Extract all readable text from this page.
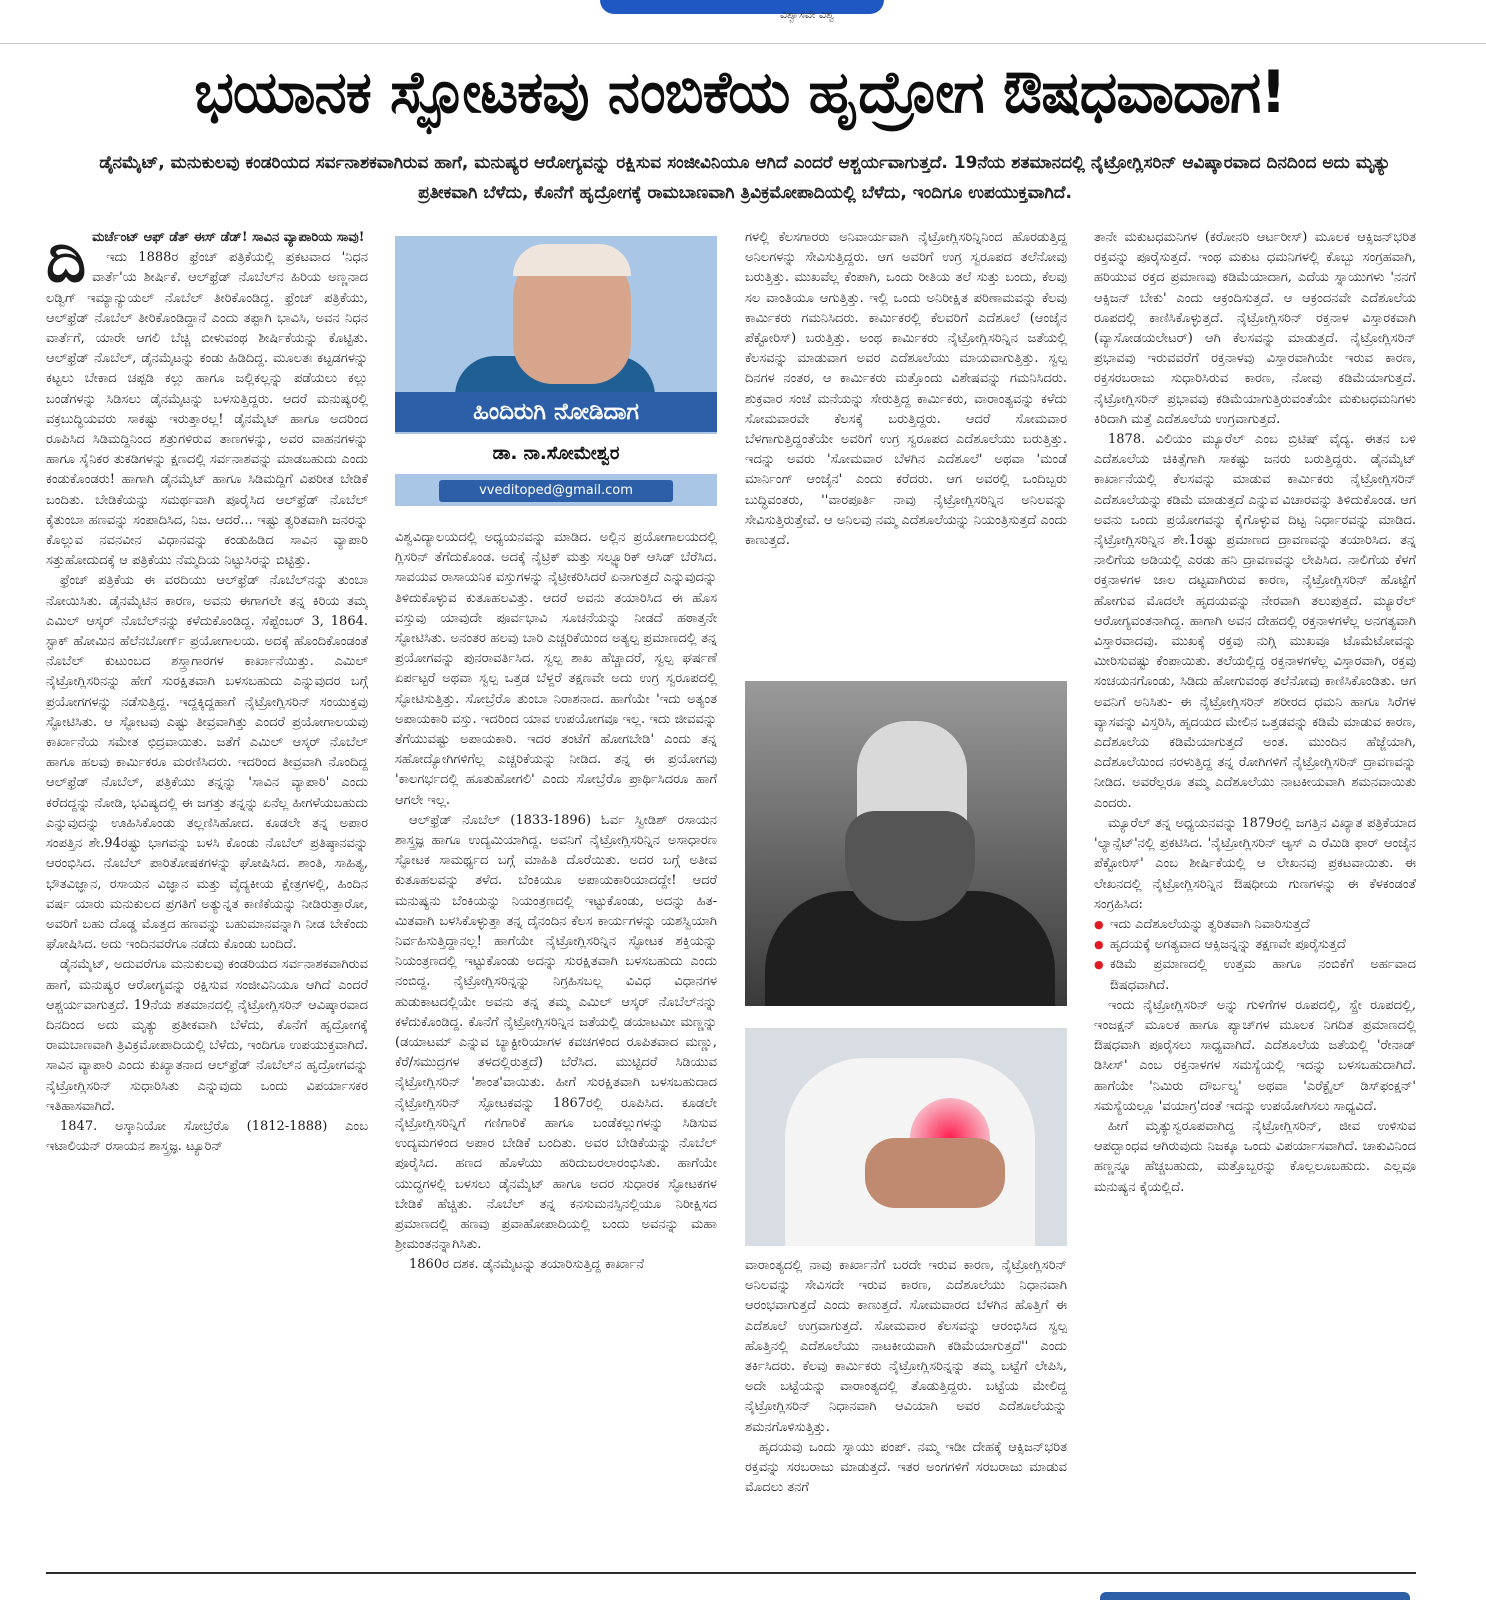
ವಿಶ್ವಾಸವೇ ವಿಶ್ವ
ಭಯಾನಕ ಸ್ಫೋಟಕವು ನಂಬಿಕೆಯ ಹೃದ್ರೋಗ ಔಷಧವಾದಾಗ!
ಡೈನಮೈಟ್, ಮನುಕುಲವು ಕಂಡರಿಯದ ಸರ್ವನಾಶಕವಾಗಿರುವ ಹಾಗೆ, ಮನುಷ್ಯರ ಆರೋಗ್ಯವನ್ನು ರಕ್ಷಿಸುವ ಸಂಜೀವಿನಿಯೂ ಆಗಿದೆ ಎಂದರೆ ಆಶ್ಚರ್ಯವಾಗುತ್ತದೆ. 19ನೆಯ ಶತಮಾನದಲ್ಲಿ ನೈಟ್ರೋಗ್ಲಿಸರಿನ್ ಆವಿಷ್ಕಾರವಾದ ದಿನದಿಂದ ಅದು ಮೃತ್ಯು ಪ್ರತೀಕವಾಗಿ ಬೆಳೆದು, ಕೊನೆಗೆ ಹೃದ್ರೋಗಕ್ಕೆ ರಾಮಬಾಣವಾಗಿ ತ್ರಿವಿಕ್ರಮೋಪಾದಿಯಲ್ಲಿ ಬೆಳೆದು, ಇಂದಿಗೂ ಉಪಯುಕ್ತವಾಗಿದೆ.

ದಿ ಮರ್ಚೆಂಟ್ ಆಫ್ ಡೆತ್ ಈಸ್ ಡೆಡ್! ಸಾವಿನ ವ್ಯಾಪಾರಿಯ ಸಾವು!

ಇದು 1888ರ ಫ್ರೆಂಚ್ ಪತ್ರಿಕೆಯಲ್ಲಿ ಪ್ರಕಟವಾದ 'ನಿಧನ ವಾರ್ತೆ'ಯ ಶೀರ್ಷಿಕೆ. ಆಲ್‌ಫ್ರೆಡ್ ನೊಬೆಲ್‌ನ ಹಿರಿಯ ಅಣ್ಣನಾದ ಲಡ್ವಿಗ್ ಇಮ್ಯಾನ್ಯುಯಲ್ ನೊಬೆಲ್ ತೀರಿಕೊಂಡಿದ್ದ. ಫ್ರೆಂಚ್ ಪತ್ರಿಕೆಯು, ಆಲ್‌ಫ್ರೆಡ್ ನೊಬೆಲ್ ತೀರಿಕೊಂಡಿದ್ದಾನೆ ಎಂದು ತಪ್ಪಾಗಿ ಭಾವಿಸಿ, ಅವನ ನಿಧನ ವಾರ್ತೆಗೆ, ಯಾರೇ ಆಗಲಿ ಬೆಚ್ಚಿ ಬೀಳುವಂಥ ಶೀರ್ಷಿಕೆಯನ್ನು ಕೊಟ್ಟಿತು. ಆಲ್‌ಫ್ರೆಡ್ ನೊಬೆಲ್, ಡೈನಮೈಟನ್ನು ಕಂಡು ಹಿಡಿದಿದ್ದ. ಮೂಲತಃ ಕಟ್ಟಡಗಳನ್ನು ಕಟ್ಟಲು ಬೇಕಾದ ಚಪ್ಪಡಿ ಕಲ್ಲು ಹಾಗೂ ಜಲ್ಲಿಕಲ್ಲನ್ನು ಪಡೆಯಲು ಕಲ್ಲು ಬಂಡೆಗಳನ್ನು ಸಿಡಿಸಲು ಡೈನಮೈಟನ್ನು ಬಳಸುತ್ತಿದ್ದರು. ಆದರೆ ಮನುಷ್ಯರಲ್ಲಿ ವಕ್ರಬುದ್ಧಿಯವರು ಸಾಕಷ್ಟು ಇರುತ್ತಾರಲ್ಲ! ಡೈನಮೈಟ್ ಹಾಗೂ ಅದರಿಂದ ರೂಪಿಸಿದ ಸಿಡಿಮದ್ದಿನಿಂದ ಶತ್ರುಗಳಿರುವ ತಾಣಗಳನ್ನು, ಅವರ ವಾಹನಗಳನ್ನು ಹಾಗೂ ಸೈನಿಕರ ತುಕಡಿಗಳನ್ನು ಕ್ಷಣದಲ್ಲಿ ಸರ್ವನಾಶವನ್ನು ಮಾಡಬಹುದು ಎಂದು ಕಂಡುಕೊಂಡರು! ಹಾಗಾಗಿ ಡೈನಮೈಟ್ ಹಾಗೂ ಸಿಡಿಮದ್ದಿಗೆ ವಿಪರೀತ ಬೇಡಿಕೆ ಬಂದಿತು. ಬೇಡಿಕೆಯನ್ನು ಸಮರ್ಥವಾಗಿ ಪೂರೈಸಿದ ಆಲ್‌ಫ್ರೆಡ್ ನೊಬೆಲ್ ಕೈತುಂಬಾ ಹಣವನ್ನು ಸಂಪಾದಿಸಿದ, ನಿಜ. ಆದರೆ... ಇಷ್ಟು ತ್ವರಿತವಾಗಿ ಜನರನ್ನು ಕೊಲ್ಲುವ ನವನವೀನ ವಿಧಾನವನ್ನು ಕಂಡುಹಿಡಿದ ಸಾವಿನ ವ್ಯಾಪಾರಿ ಸತ್ತುಹೋದುದಕ್ಕೆ ಆ ಪತ್ರಿಕೆಯು ನೆಮ್ಮದಿಯ ನಿಟ್ಟುಸಿರನ್ನು ಬಿಟ್ಟಿತ್ತು.

ಫ್ರೆಂಚ್ ಪತ್ರಿಕೆಯ ಈ ವರದಿಯು ಆಲ್‌ಫ್ರೆಡ್ ನೊಬೆಲ್‌ನನ್ನು ತುಂಬಾ ನೋಯಿಸಿತು. ಡೈನಮೈಟಿನ ಕಾರಣ, ಅವನು ಈಗಾಗಲೇ ತನ್ನ ಕಿರಿಯ ತಮ್ಮ ಎಮಿಲ್ ಆಸ್ಕರ್ ನೊಬೆಲ್‌ನನ್ನು ಕಳೆದುಕೊಂಡಿದ್ದ. ಸೆಪ್ಟೆಂಬರ್ 3, 1864. ಸ್ಟಾಕ್ ಹೋಮಿನ ಹೆಲೆನಬೋರ್ಗ್ ಪ್ರಯೋಗಾಲಯ. ಅದಕ್ಕೆ ಹೊಂದಿಕೊಂಡಂತೆ ನೊಬೆಲ್ ಕುಟುಂಬದ ಶಸ್ತ್ರಾಗಾರಗಳ ಕಾರ್ಖಾನೆಯಿತ್ತು. ಎಮಿಲ್ ನೈಟ್ರೋಗ್ಲಿಸರಿನನ್ನು ಹೇಗೆ ಸುರಕ್ಷಿತವಾಗಿ ಬಳಸಬಹುದು ಎನ್ನುವುದರ ಬಗ್ಗೆ ಪ್ರಯೋಗಗಳನ್ನು ನಡೆಸುತ್ತಿದ್ದ. ಇದ್ದಕ್ಕಿದ್ದಹಾಗೆ ನೈಟ್ರೋಗ್ಲಿಸರಿನ್ ಸಂಯುಕ್ತವು ಸ್ಫೋಟಿಸಿತು. ಆ ಸ್ಫೋಟವು ಎಷ್ಟು ತೀವ್ರವಾಗಿತ್ತು ಎಂದರೆ ಪ್ರಯೋಗಾಲಯವು ಕಾರ್ಖಾನೆಯ ಸಮೇತ ಛಿದ್ರವಾಯಿತು. ಜತೆಗೆ ಎಮಿಲ್ ಆಸ್ಕರ್ ನೊಬೆಲ್ ಹಾಗೂ ಹಲವು ಕಾರ್ಮಿಕರೂ ಮರಣಿಸಿದರು. ಇದರಿಂದ ತೀವ್ರವಾಗಿ ನೊಂದಿದ್ದ ಆಲ್‌ಫ್ರೆಡ್ ನೊಬೆಲ್, ಪತ್ರಿಕೆಯು ತನ್ನನ್ನು 'ಸಾವಿನ ವ್ಯಾಪಾರಿ' ಎಂದು ಕರೆದದ್ದನ್ನು ನೋಡಿ, ಭವಿಷ್ಯದಲ್ಲಿ ಈ ಜಗತ್ತು ತನ್ನನ್ನು ಏನೆಲ್ಲ ಹೀಗಳೆಯಬಹುದು ಎನ್ನುವುದನ್ನು ಊಹಿಸಿಕೊಂಡು ತಲ್ಲಣಿಸಿಹೋದ. ಕೂಡಲೇ ತನ್ನ ಅಪಾರ ಸಂಪತ್ತಿನ ಶೇ.94ರಷ್ಟು ಭಾಗವನ್ನು ಬಳಸಿ ಕೊಂಡು ನೊಬೆಲ್ ಪ್ರತಿಷ್ಠಾನವನ್ನು ಆರಂಭಿಸಿದ. ನೊಬೆಲ್ ಪಾರಿತೋಷಕಗಳನ್ನು ಘೋಷಿಸಿದ. ಶಾಂತಿ, ಸಾಹಿತ್ಯ, ಭೌತವಿಜ್ಞಾನ, ರಸಾಯನ ವಿಜ್ಞಾನ ಮತ್ತು ವೈದ್ಯಕೀಯ ಕ್ಷೇತ್ರಗಳಲ್ಲಿ, ಹಿಂದಿನ ವರ್ಷ ಯಾರು ಮನುಕುಲದ ಪ್ರಗತಿಗೆ ಅತ್ಯುನ್ನತ ಕಾಣಿಕೆಯನ್ನು ನೀಡಿರುತ್ತಾರೋ, ಅವರಿಗೆ ಬಹು ದೊಡ್ಡ ಮೊತ್ತದ ಹಣವನ್ನು ಬಹುಮಾನವನ್ನಾಗಿ ನೀಡ ಬೇಕೆಂದು ಘೋಷಿಸಿದ. ಅದು ಇಂದಿನವರೆಗೂ ನಡೆದು ಕೊಂಡು ಬಂದಿದೆ.

ಡೈನಮೈಟ್, ಅದುವರೆಗೂ ಮನುಕುಲವು ಕಂಡರಿಯದ ಸರ್ವನಾಶಕವಾಗಿರುವ ಹಾಗೆ, ಮನುಷ್ಯರ ಆರೋಗ್ಯವನ್ನು ರಕ್ಷಿಸುವ ಸಂಜೀವಿನಿಯೂ ಆಗಿದೆ ಎಂದರೆ ಆಶ್ಚರ್ಯವಾಗುತ್ತದೆ. 19ನೆಯ ಶತಮಾನದಲ್ಲಿ ನೈಟ್ರೋಗ್ಲಿಸರಿನ್ ಆವಿಷ್ಕಾರವಾದ ದಿನದಿಂದ ಅದು ಮೃತ್ಯು ಪ್ರತೀಕವಾಗಿ ಬೆಳೆದು, ಕೊನೆಗೆ ಹೃದ್ರೋಗಕ್ಕೆ ರಾಮಬಾಣವಾಗಿ ತ್ರಿವಿಕ್ರಮೋಪಾದಿಯಲ್ಲಿ ಬೆಳೆದು, ಇಂದಿಗೂ ಉಪಯುಕ್ತವಾಗಿದೆ. ಸಾವಿನ ವ್ಯಾಪಾರಿ ಎಂದು ಕುಖ್ಯಾತನಾದ ಆಲ್‌ಫ್ರೆಡ್ ನೊಬೆಲ್‌ನ ಹೃದ್ರೋಗವನ್ನು ನೈಟ್ರೋಗ್ಲಿಸರಿನ್ ಸುಧಾರಿಸಿತು ಎನ್ನುವುದು ಒಂದು ವಿಪರ್ಯಾಸಕರ ಇತಿಹಾಸವಾಗಿದೆ.

1847. ಅಸ್ಕಾನಿಯೋ ಸೋಬ್ರೆರೊ (1812-1888) ಎಂಬ ಇಟಾಲಿಯನ್ ರಸಾಯನ ಶಾಸ್ತ್ರಜ್ಞ. ಟ್ಯೂರಿನ್

ಹಿಂದಿರುಗಿ ನೋಡಿದಾಗ
ಡಾ. ನಾ.ಸೋಮೇಶ್ವರ
vveditoped@gmail.com

ವಿಶ್ವವಿದ್ಯಾಲಯದಲ್ಲಿ ಅಧ್ಯಯನವನ್ನು ಮಾಡಿದ. ಅಲ್ಲಿನ ಪ್ರಯೋಗಾಲಯದಲ್ಲಿ ಗ್ಲಿಸರಿನ್ ತೆಗೆದುಕೊಂಡ. ಅದಕ್ಕೆ ನೈಟ್ರಿಕ್ ಮತ್ತು ಸಲ್ಫ್ಯೂರಿಕ್ ಆಸಿಡ್ ಬೆರೆಸಿದ. ಸಾವಯವ ರಾಸಾಯನಿಕ ವಸ್ತುಗಳನ್ನು ನೈಟ್ರೀಕರಿಸಿದರೆ ಏನಾಗುತ್ತದೆ ಎನ್ನುವುದನ್ನು ತಿಳಿದುಕೊಳ್ಳುವ ಕುತೂಹಲವಿತ್ತು. ಆದರೆ ಅವನು ತಯಾರಿಸಿದ ಈ ಹೊಸ ವಸ್ತುವು ಯಾವುದೇ ಪೂರ್ವಭಾವಿ ಸೂಚನೆಯನ್ನು ನೀಡದೆ ಹಠಾತ್ತನೇ ಸ್ಫೋಟಿಸಿತು. ಅನಂತರ ಹಲವು ಬಾರಿ ಎಚ್ಚರಿಕೆಯಿಂದ ಅತ್ಯಲ್ಪ ಪ್ರಮಾಣದಲ್ಲಿ ತನ್ನ ಪ್ರಯೋಗವನ್ನು ಪುನರಾವರ್ತಿಸಿದ. ಸ್ವಲ್ಪ ಶಾಖ ಹೆಚ್ಚಾದರೆ, ಸ್ವಲ್ಪ ಘರ್ಷಣೆ ಏರ್ಪಟ್ಟರೆ ಅಥವಾ ಸ್ವಲ್ಪ ಒತ್ತಡ ಬೆಳ್ದರೆ ತಕ್ಷಣವೇ ಅದು ಉಗ್ರ ಸ್ವರೂಪದಲ್ಲಿ ಸ್ಫೋಟಿಸುತ್ತಿತ್ತು. ಸೋಬ್ರೆರೊ ತುಂಬಾ ನಿರಾಶನಾದ. ಹಾಗೆಯೇ 'ಇದು ಅತ್ಯಂತ ಅಪಾಯಕಾರಿ ವಸ್ತು. ಇದರಿಂದ ಯಾವ ಉಪಯೋಗವೂ ಇಲ್ಲ. ಇದು ಜೀವವನ್ನು ತೆಗೆಯುವಷ್ಟು ಅಪಾಯಕಾರಿ. ಇದರ ತಂಟೆಗೆ ಹೋಗಬೇಡಿ' ಎಂದು ತನ್ನ ಸಹೋದ್ಯೋಗಿಗಳಿಗೆಲ್ಲ ಎಚ್ಚರಿಕೆಯನ್ನು ನೀಡಿದ. ತನ್ನ ಈ ಪ್ರಯೋಗವು 'ಕಾಲಗರ್ಭದಲ್ಲಿ ಹೂತುಹೋಗಲಿ' ಎಂದು ಸೋಬ್ರೆರೊ ಪ್ರಾರ್ಥಿಸಿದರೂ ಹಾಗೆ ಆಗಲೇ ಇಲ್ಲ.

ಆಲ್‌ಫ್ರೆಡ್ ನೊಬೆಲ್ (1833-1896) ಓರ್ವ ಸ್ವೀಡಿಶ್ ರಸಾಯನ ಶಾಸ್ತ್ರಜ್ಞ ಹಾಗೂ ಉದ್ಯಮಿಯಾಗಿದ್ದ. ಅವನಿಗೆ ನೈಟ್ರೋಗ್ಲಿಸರಿನ್ನಿನ ಅಸಾಧಾರಣ ಸ್ಫೋಟಕ ಸಾಮರ್ಥ್ಯದ ಬಗ್ಗೆ ಮಾಹಿತಿ ದೊರೆಯಿತು. ಅದರ ಬಗ್ಗೆ ಅತೀವ ಕುತೂಹಲವನ್ನು ತಳೆದ. ಬೆಂಕಿಯೂ ಅಪಾಯಕಾರಿಯಾದದ್ದೇ! ಆದರೆ ಮನುಷ್ಯನು ಬೆಂಕಿಯನ್ನು ನಿಯಂತ್ರಣದಲ್ಲಿ ಇಟ್ಟುಕೊಂಡು, ಅದನ್ನು ಹಿತ-ಮಿತವಾಗಿ ಬಳಸಿಕೊಳ್ಳುತ್ತಾ ತನ್ನ ದೈನಂದಿನ ಕೆಲಸ ಕಾರ್ಯಗಳನ್ನು ಯಶಸ್ವಿಯಾಗಿ ನಿರ್ವಹಿಸುತ್ತಿದ್ದಾನಲ್ಲ! ಹಾಗೆಯೇ ನೈಟ್ರೋಗ್ಲಿಸರಿನ್ನಿನ ಸ್ಫೋಟಕ ಶಕ್ತಿಯನ್ನು ನಿಯಂತ್ರಣದಲ್ಲಿ ಇಟ್ಟುಕೊಂಡು ಅದನ್ನು ಸುರಕ್ಷಿತವಾಗಿ ಬಳಸಬಹುದು ಎಂದು ನಂಬಿದ್ದ. ನೈಟ್ರೋಗ್ಲಿಸರಿನ್ನನ್ನು ನಿಗ್ರಹಿಸಬಲ್ಲ ವಿವಿಧ ವಿಧಾನಗಳ ಹುಡುಕಾಟದಲ್ಲಿಯೇ ಅವನು ತನ್ನ ತಮ್ಮ ಎಮಿಲ್ ಆಸ್ಕರ್ ನೊಬೆಲ್‌ನನ್ನು ಕಳೆದುಕೊಂಡಿದ್ದ. ಕೊನೆಗೆ ನೈಟ್ರೋಗ್ಲಿಸರಿನ್ನಿನ ಜತೆಯಲ್ಲಿ ಡಯಾಟಮೀ ಮಣ್ಣನ್ನು (ಡಯಾಟಮ್ ಎನ್ನುವ ಬ್ಯಾಕ್ಟೀರಿಯಾಗಳ ಕವಚಗಳಿಂದ ರೂಪಿತವಾದ ಮಣ್ಣು, ಕೆರೆ/ಸಮುದ್ರಗಳ ತಳದಲ್ಲಿರುತ್ತದೆ) ಬೆರೆಸಿದ. ಮುಟ್ಟಿದರೆ ಸಿಡಿಯುವ ನೈಟ್ರೋಗ್ಲಿಸರಿನ್ 'ಶಾಂತ'ವಾಯಿತು. ಹೀಗೆ ಸುರಕ್ಷಿತವಾಗಿ ಬಳಸಬಹುದಾದ ನೈಟ್ರೋಗ್ಲಿಸರಿನ್ ಸ್ಫೋಟಕವನ್ನು 1867ರಲ್ಲಿ ರೂಪಿಸಿದ. ಕೂಡಲೇ ನೈಟ್ರೋಗ್ಲಿಸರಿನ್ನಿಗೆ ಗಣಿಗಾರಿಕೆ ಹಾಗೂ ಬಂಡೆಕಲ್ಲುಗಳನ್ನು ಸಿಡಿಸುವ ಉದ್ಯಮಗಳಿಂದ ಅಪಾರ ಬೇಡಿಕೆ ಬಂದಿತು. ಅವರ ಬೇಡಿಕೆಯನ್ನು ನೊಬೆಲ್ ಪೂರೈಸಿದ. ಹಣದ ಹೊಳೆಯು ಹರಿದುಬರಲಾರಂಭಿಸಿತು. ಹಾಗೆಯೇ ಯುದ್ಧಗಳಲ್ಲಿ ಬಳಸಲು ಡೈನಮೈಟ್ ಹಾಗೂ ಅದರ ಸುಧಾರಕ ಸ್ಫೋಟಕಗಳ ಬೇಡಿಕೆ ಹೆಚ್ಚಿತು. ನೊಬೆಲ್ ತನ್ನ ಕನಸುಮನಸ್ಸಿನಲ್ಲಿಯೂ ನಿರೀಕ್ಷಿಸದ ಪ್ರಮಾಣದಲ್ಲಿ ಹಣವು ಪ್ರವಾಹೋಪಾದಿಯಲ್ಲಿ ಬಂದು ಅವನನ್ನು ಮಹಾ ಶ್ರೀಮಂತನನ್ನಾಗಿಸಿತು.

1860ರ ದಶಕ. ಡೈನಮೈಟನ್ನು ತಯಾರಿಸುತ್ತಿದ್ದ ಕಾರ್ಖಾನೆ

ಗಳಲ್ಲಿ ಕೆಲಸಗಾರರು ಅನಿವಾರ್ಯವಾಗಿ ನೈಟ್ರೋಗ್ಲಿಸರಿನ್ನಿನಿಂದ ಹೊರಡುತ್ತಿದ್ದ ಅನಿಲಗಳನ್ನು ಸೇವಿಸುತ್ತಿದ್ದರು. ಆಗ ಅವರಿಗೆ ಉಗ್ರ ಸ್ವರೂಪದ ತಲೆನೋವು ಬರುತ್ತಿತ್ತು. ಮುಖವೆಲ್ಲ ಕೆಂಪಾಗಿ, ಒಂದು ರೀತಿಯ ತಲೆ ಸುತ್ತು ಬಂದು, ಕೆಲವು ಸಲ ವಾಂತಿಯೂ ಆಗುತ್ತಿತ್ತು. ಇಲ್ಲಿ ಒಂದು ಅನಿರೀಕ್ಷಿತ ಪರಿಣಾಮವನ್ನು ಕೆಲವು ಕಾರ್ಮಿಕರು ಗಮನಿಸಿದರು. ಕಾರ್ಮಿಕರಲ್ಲಿ ಕೆಲವರಿಗೆ ಎದೆಶೂಲೆ (ಆಂಜೈನ ಪೆಕ್ಟೋರಿಸ್) ಬರುತ್ತಿತ್ತು. ಅಂಥ ಕಾರ್ಮಿಕರು ನೈಟ್ರೋಗ್ಲಿಸರಿನ್ನಿನ ಜತೆಯಲ್ಲಿ ಕೆಲಸವನ್ನು ಮಾಡುವಾಗ ಅವರ ಎದೆಶೂಲೆಯು ಮಾಯವಾಗುತ್ತಿತ್ತು. ಸ್ವಲ್ಪ ದಿನಗಳ ನಂತರ, ಆ ಕಾರ್ಮಿಕರು ಮತ್ತೊಂದು ವಿಶೇಷವನ್ನು ಗಮನಿಸಿದರು. ಶುಕ್ರವಾರ ಸಂಜೆ ಮನೆಯನ್ನು ಸೇರುತ್ತಿದ್ದ ಕಾರ್ಮಿಕರು, ವಾರಾಂತ್ಯವನ್ನು ಕಳೆದು ಸೋಮವಾರವೇ ಕೆಲಸಕ್ಕೆ ಬರುತ್ತಿದ್ದರು. ಆದರೆ ಸೋಮವಾರ ಬೆಳಗಾಗುತ್ತಿದ್ದಂತೆಯೇ ಅವರಿಗೆ ಉಗ್ರ ಸ್ವರೂಪದ ಎದೆಶೂಲೆಯು ಬರುತ್ತಿತ್ತು. ಇದನ್ನು ಅವರು 'ಸೋಮವಾರ ಬೆಳಗಿನ ಎದೆಶೂಲೆ' ಅಥವಾ 'ಮಂಡೆ ಮಾರ್ನಿಂಗ್ ಆಂಜೈನ' ಎಂದು ಕರೆದರು. ಆಗ ಅವರಲ್ಲಿ ಒಂದಿಬ್ಬರು ಬುದ್ಧಿವಂತರು, ''ವಾರಪೂರ್ತಿ ನಾವು ನೈಟ್ರೋಗ್ಲಿಸರಿನ್ನಿನ ಅನಿಲವನ್ನು ಸೇವಿಸುತ್ತಿರುತ್ತೇವೆ. ಆ ಅನಿಲವು ನಮ್ಮ ಎದೆಶೂಲೆಯನ್ನು ನಿಯಂತ್ರಿಸುತ್ತದೆ ಎಂದು ಕಾಣುತ್ತದೆ.

ವಾರಾಂತ್ಯದಲ್ಲಿ ನಾವು ಕಾರ್ಖಾನೆಗೆ ಬರದೇ ಇರುವ ಕಾರಣ, ನೈಟ್ರೋಗ್ಲಿಸರಿನ್ ಅನಿಲವನ್ನು ಸೇವಿಸದೇ ಇರುವ ಕಾರಣ, ಎದೆಶೂಲೆಯು ನಿಧಾನವಾಗಿ ಆರಂಭವಾಗುತ್ತದೆ ಎಂದು ಕಾಣುತ್ತದೆ. ಸೋಮವಾರದ ಬೆಳಗಿನ ಹೊತ್ತಿಗೆ ಈ ಎದೆಶೂಲೆ ಉಗ್ರವಾಗುತ್ತದೆ. ಸೋಮವಾರ ಕೆಲಸವನ್ನು ಆರಂಭಿಸಿದ ಸ್ವಲ್ಪ ಹೊತ್ತಿನಲ್ಲಿ ಎದೆಶೂಲೆಯು ನಾಟಕೀಯವಾಗಿ ಕಡಿಮೆಯಾಗುತ್ತದೆ'' ಎಂದು ತರ್ಕಿಸಿದರು. ಕೆಲವು ಕಾರ್ಮಿಕರು ನೈಟ್ರೋಗ್ಲಿಸರಿನ್ನನ್ನು ತಮ್ಮ ಬಟ್ಟೆಗೆ ಲೇಪಿಸಿ, ಅದೇ ಬಟ್ಟೆಯನ್ನು ವಾರಾಂತ್ಯದಲ್ಲಿ ತೊಡುತ್ತಿದ್ದರು. ಬಟ್ಟೆಯ ಮೇಲಿದ್ದ ನೈಟ್ರೋಗ್ಲಿಸರಿನ್ ನಿಧಾನವಾಗಿ ಆವಿಯಾಗಿ ಅವರ ಎದೆಶೂಲೆಯನ್ನು ಶಮನಗೊಳಿಸುತ್ತಿತ್ತು.

ಹೃದಯವು ಒಂದು ಸ್ನಾಯು ಪಂಪ್. ನಮ್ಮ ಇಡೀ ದೇಹಕ್ಕೆ ಆಕ್ಸಿಜನ್‌ಭರಿತ ರಕ್ತವನ್ನು ಸರಬರಾಜು ಮಾಡುತ್ತದೆ. ಇತರ ಅಂಗಗಳಿಗೆ ಸರಬರಾಜು ಮಾಡುವ ಮೊದಲು ತನಗೆ

ತಾನೇ ಮಕುಟಧಮನಿಗಳ (ಕರೋನರಿ ಆರ್ಟರೀಸ್) ಮೂಲಕ ಆಕ್ಸಿಜನ್‌ಭರಿತ ರಕ್ತವನ್ನು ಪೂರೈಸುತ್ತದೆ. ಇಂಥ ಮಕುಟ ಧಮನಿಗಳಲ್ಲಿ ಕೊಬ್ಬು ಸಂಗ್ರಹವಾಗಿ, ಹರಿಯುವ ರಕ್ತದ ಪ್ರಮಾಣವು ಕಡಿಮೆಯಾದಾಗ, ಎದೆಯ ಸ್ನಾಯುಗಳು 'ನನಗೆ ಆಕ್ಸಿಜನ್ ಬೇಕು' ಎಂದು ಆಕ್ರಂದಿಸುತ್ತದೆ. ಆ ಆಕ್ರಂದನವೇ ಎದೆಶೂಲೆಯ ರೂಪದಲ್ಲಿ ಕಾಣಿಸಿಕೊಳ್ಳುತ್ತದೆ. ನೈಟ್ರೋಗ್ಲಿಸರಿನ್ ರಕ್ತನಾಳ ವಿಸ್ತಾರಕವಾಗಿ (ವ್ಯಾಸೋಡಯಲೇಟರ್) ಆಗಿ ಕೆಲಸವನ್ನು ಮಾಡುತ್ತದೆ. ನೈಟ್ರೋಗ್ಲಿಸರಿನ್ ಪ್ರಭಾವವು ಇರುವವರೆಗೆ ರಕ್ತನಾಳವು ವಿಸ್ತಾರವಾಗಿಯೇ ಇರುವ ಕಾರಣ, ರಕ್ತಸರಬರಾಜು ಸುಧಾರಿಸಿರುವ ಕಾರಣ, ನೋವು ಕಡಿಮೆಯಾಗುತ್ತದೆ. ನೈಟ್ರೋಗ್ಲಿಸರಿನ್ ಪ್ರಭಾವವು ಕಡಿಮೆಯಾಗುತ್ತಿರುವಂತೆಯೇ ಮಕುಟಧಮನಿಗಳು ಕಿರಿದಾಗಿ ಮತ್ತೆ ಎದೆಶೂಲೆಯ ಉಗ್ರವಾಗುತ್ತದೆ.

1878. ವಿಲಿಯಂ ಮ್ಯೂರೆಲ್ ಎಂಬ ಬ್ರಿಟಿಷ್ ವೈದ್ಯ. ಈತನ ಬಳಿ ಎದೆಶೂಲೆಯ ಚಿಕಿತ್ಸೆಗಾಗಿ ಸಾಕಷ್ಟು ಜನರು ಬರುತ್ತಿದ್ದರು. ಡೈನಮೈಟ್ ಕಾರ್ಖಾನೆಯಲ್ಲಿ ಕೆಲಸವನ್ನು ಮಾಡುವ ಕಾರ್ಮಿಕರು ನೈಟ್ರೋಗ್ಲಿಸರಿನ್ ಎದೆಶೂಲೆಯನ್ನು ಕಡಿಮೆ ಮಾಡುತ್ತದೆ ಎನ್ನುವ ವಿಚಾರವನ್ನು ತಿಳಿದುಕೊಂಡ. ಆಗ ಅವನು ಒಂದು ಪ್ರಯೋಗವನ್ನು ಕೈಗೊಳ್ಳುವ ದಿಟ್ಟ ನಿರ್ಧಾರವನ್ನು ಮಾಡಿದ. ನೈಟ್ರೋಗ್ಲಿಸರಿನ್ನಿನ ಶೇ.1ರಷ್ಟು ಪ್ರಮಾಣದ ದ್ರಾವಣವನ್ನು ತಯಾರಿಸಿದ. ತನ್ನ ನಾಲಿಗೆಯ ಅಡಿಯಲ್ಲಿ ಎರಡು ಹನಿ ದ್ರಾವಣವನ್ನು ಲೇಪಿಸಿದ. ನಾಲಿಗೆಯ ಕೆಳಗೆ ರಕ್ತನಾಳಗಳ ಜಾಲ ದಟ್ಟವಾಗಿರುವ ಕಾರಣ, ನೈಟ್ರೋಗ್ಲಿಸರಿನ್ ಹೊಟ್ಟೆಗೆ ಹೋಗುವ ಮೊದಲೇ ಹೃದಯವನ್ನು ನೇರವಾಗಿ ತಲುಪುತ್ತದೆ. ಮ್ಯೂರೆಲ್ ಆರೋಗ್ಯವಂತನಾಗಿದ್ದ. ಹಾಗಾಗಿ ಅವನ ದೇಹದಲ್ಲಿ ರಕ್ತನಾಳಗಳೆಲ್ಲ ಅನಗತ್ಯವಾಗಿ ವಿಸ್ತಾರವಾದವು. ಮುಖಕ್ಕೆ ರಕ್ತವು ನುಗ್ಗಿ ಮುಖವೂ ಟೊಮೆಟೋವನ್ನು ಮೀರಿಸುವಷ್ಟು ಕೆಂಪಾಯಿತು. ತಲೆಯಲ್ಲಿದ್ದ ರಕ್ತನಾಳಗಳೆಲ್ಲ ವಿಸ್ತಾರವಾಗಿ, ರಕ್ತವು ಸಂಚಯನಗೊಂಡು, ಸಿಡಿದು ಹೋಗುವಂಥ ತಲೆನೋವು ಕಾಣಿಸಿಕೊಂಡಿತು. ಆಗ ಅವನಿಗೆ ಅನಿಸಿತು- ಈ ನೈಟ್ರೋಗ್ಲಿಸರಿನ್ ಶರೀರದ ಧಮನಿ ಹಾಗೂ ಸಿರೆಗಳ ವ್ಯಾಸವನ್ನು ವಿಸ್ತರಿಸಿ, ಹೃದಯದ ಮೇಲಿನ ಒತ್ತಡವನ್ನು ಕಡಿಮೆ ಮಾಡುವ ಕಾರಣ, ಎದೆಶೂಲೆಯ ಕಡಿಮೆಯಾಗುತ್ತದೆ ಅಂತ. ಮುಂದಿನ ಹೆಜ್ಜೆಯಾಗಿ, ಎದೆಶೂಲೆಯಿಂದ ನರಳುತ್ತಿದ್ದ ತನ್ನ ರೋಗಿಗಳಿಗೆ ನೈಟ್ರೋಗ್ಲಿಸರಿನ್ ದ್ರಾವಣವನ್ನು ನೀಡಿದ. ಅವರೆಲ್ಲರೂ ತಮ್ಮ ಎದೆಶೂಲೆಯು ನಾಟಕೀಯವಾಗಿ ಶಮನವಾಯಿತು ಎಂದರು.

ಮ್ಯೂರೆಲ್ ತನ್ನ ಅಧ್ಯಯನವನ್ನು 1879ರಲ್ಲಿ ಜಗತ್ತಿನ ವಿಖ್ಯಾತ ಪತ್ರಿಕೆಯಾದ 'ಲ್ಯಾನ್ಸೆಟ್'ನಲ್ಲಿ ಪ್ರಕಟಿಸಿದ. 'ನೈಟ್ರೋಗ್ಲಿಸರಿನ್ ಆ್ಯಸ್ ಎ ರೆಮಿಡಿ ಫಾರ್ ಆಂಜೈನ ಪೆಕ್ಟೋರಿಸ್' ಎಂಬ ಶೀರ್ಷಿಕೆಯಲ್ಲಿ ಆ ಲೇಖನವು ಪ್ರಕಟವಾಯಿತು. ಈ ಲೇಖನದಲ್ಲಿ ನೈಟ್ರೋಗ್ಲಿಸರಿನ್ನಿನ ಔಷಧೀಯ ಗುಣಗಳನ್ನು ಈ ಕೆಳಕಂಡಂತೆ ಸಂಗ್ರಹಿಸಿದ:

● ಇದು ಎದೆಶೂಲೆಯನ್ನು ತ್ವರಿತವಾಗಿ ನಿವಾರಿಸುತ್ತದೆ
● ಹೃದಯಕ್ಕೆ ಅಗತ್ಯವಾದ ಆಕ್ಸಿಜನ್ನನ್ನು ತಕ್ಷಣವೇ ಪೂರೈಸುತ್ತದೆ
● ಕಡಿಮೆ ಪ್ರಮಾಣದಲ್ಲಿ ಉತ್ತಮ ಹಾಗೂ ನಂಬಿಕೆಗೆ ಅರ್ಹವಾದ ಔಷಧವಾಗಿದೆ.

ಇಂದು ನೈಟ್ರೋಗ್ಲಿಸರಿನ್ ಅನ್ನು ಗುಳಿಗೆಗಳ ರೂಪದಲ್ಲಿ, ಸ್ಪ್ರೇ ರೂಪದಲ್ಲಿ, ಇಂಜಕ್ಷನ್ ಮೂಲಕ ಹಾಗೂ ಪ್ಯಾಚ್‌ಗಳ ಮೂಲಕ ನಿಗದಿತ ಪ್ರಮಾಣದಲ್ಲಿ ಔಷಧವಾಗಿ ಪೂರೈಸಲು ಸಾಧ್ಯವಾಗಿದೆ. ಎದೆಶೂಲೆಯ ಜತೆಯಲ್ಲಿ 'ರೇನಾಡ್ ಡಿಸೀಸ್' ಎಂಬ ರಕ್ತನಾಳಗಳ ಸಮಸ್ಯೆಯಲ್ಲಿ ಇದನ್ನು ಬಳಸಬಹುದಾಗಿದೆ. ಹಾಗೆಯೇ 'ನಿಮಿರು ದೌರ್ಬಲ್ಯ' ಅಥವಾ 'ಎರೆಕ್ಟೈಲ್ ಡಿಸ್‌ಫಂಕ್ಷನ್' ಸಮಸ್ಯೆಯಲ್ಲೂ 'ವಯಾಗ್ರ'ದಂತೆ ಇದನ್ನು ಉಪಯೋಗಿಸಲು ಸಾಧ್ಯವಿದೆ.

ಹೀಗೆ ಮೃತ್ಯುಸ್ವರೂಪವಾಗಿದ್ದ ನೈಟ್ರೋಗ್ಲಿಸರಿನ್, ಜೀವ ಉಳಿಸುವ ಆಪದ್ಬಾಂಧವ ಆಗಿರುವುದು ನಿಜಕ್ಕೂ ಒಂದು ವಿಪರ್ಯಾಸವಾಗಿದೆ. ಚಾಕುವಿನಿಂದ ಹಣ್ಣನ್ನೂ ಹೆಚ್ಚಬಹುದು, ಮತ್ತೊಬ್ಬರನ್ನು ಕೊಲ್ಲಲೂಬಹುದು. ಎಲ್ಲವೂ ಮನುಷ್ಯನ ಕೈಯಲ್ಲಿದೆ.
